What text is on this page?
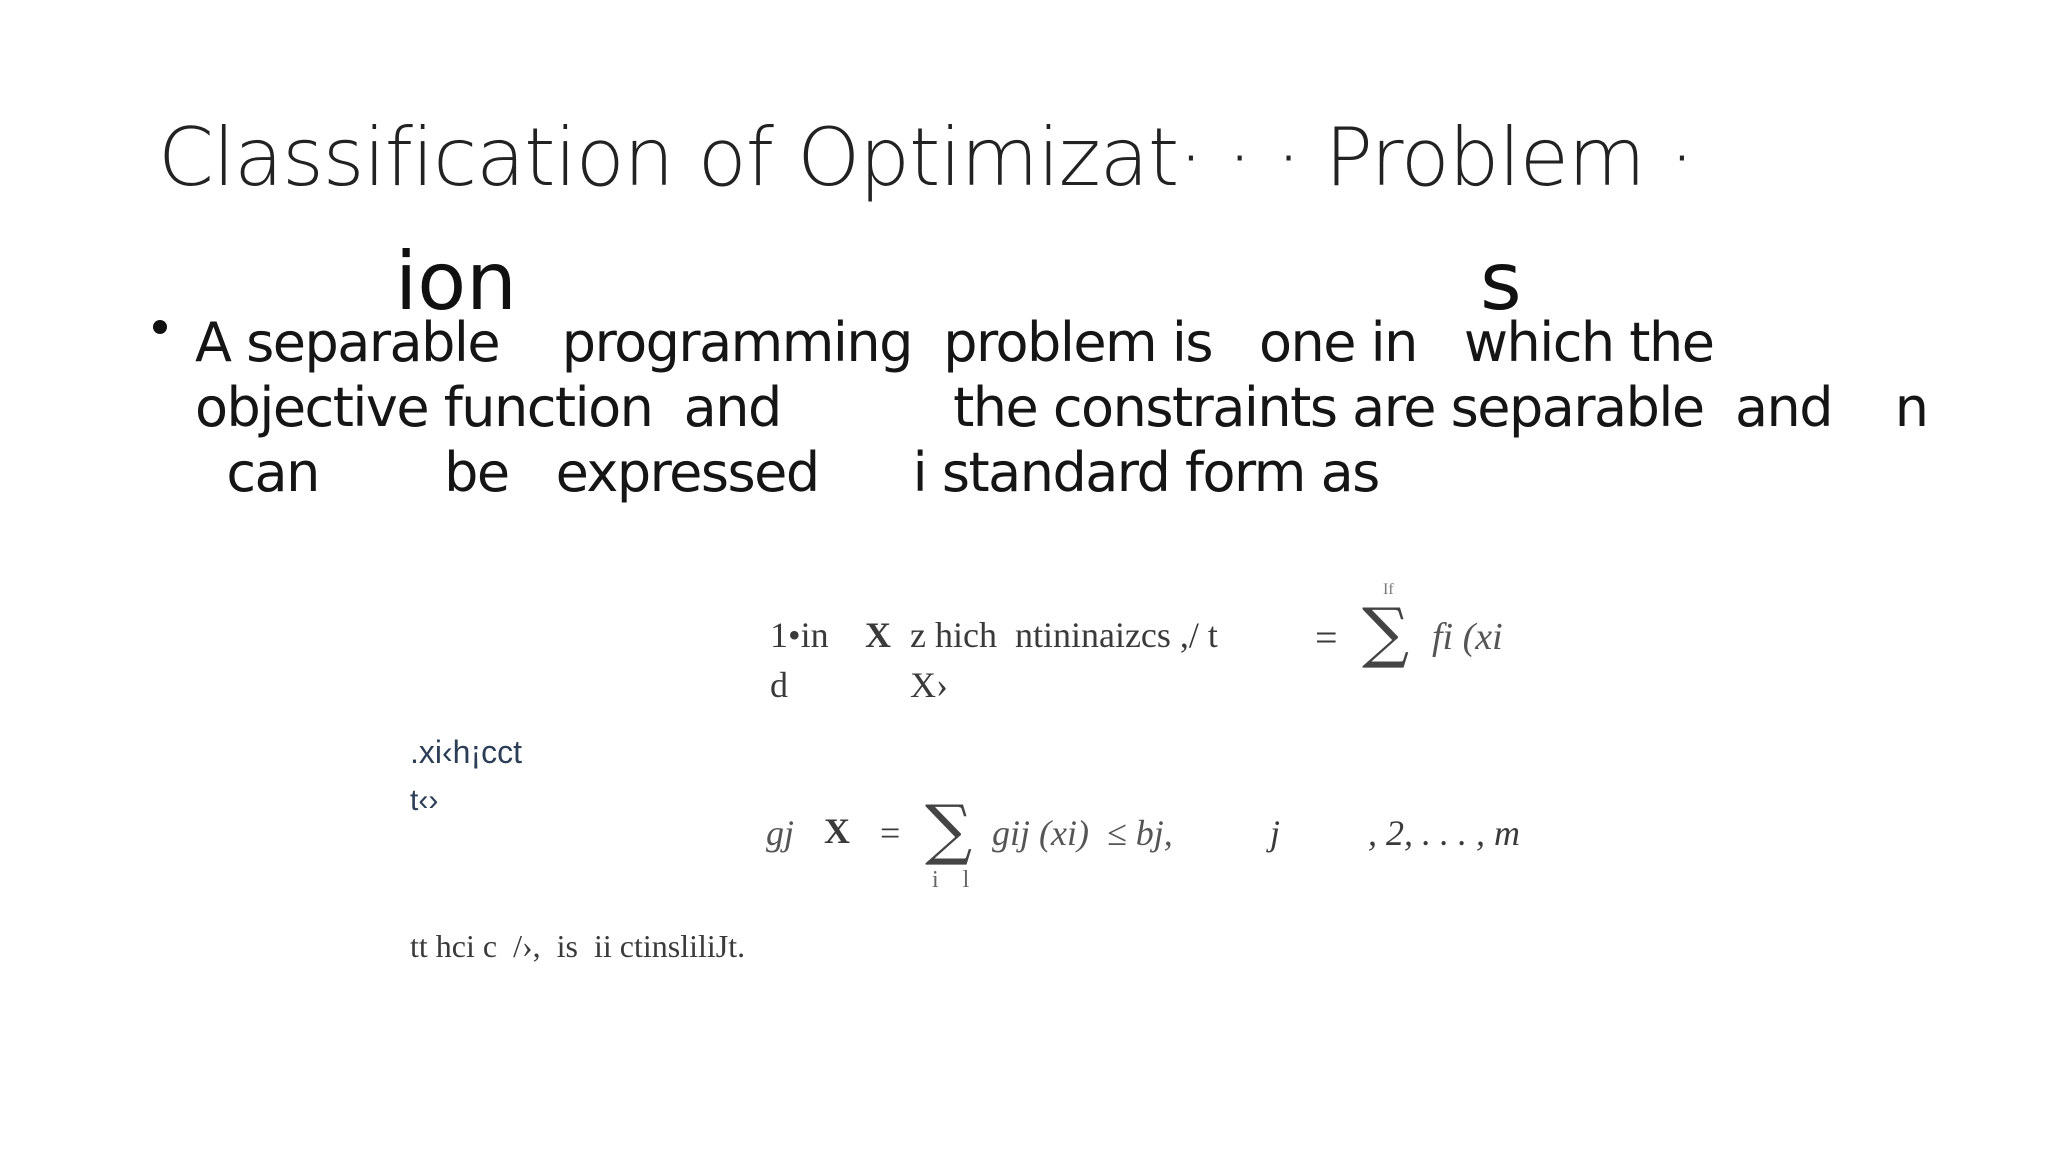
Classification of Optimizat· · · Problem ·
ion	s
A separable    programming  problem is   one in   which the
objective function  and           the constraints are separable  and    n
can        be   expressed      i standard form as
1•in X z hich  ntininaizcs ,/ t
d	X›
=
If
∑ fi (xi
.xi‹h¡cct
t‹›
gj X = ∑ gij (xi)  ≤ bj,	j , 2, . . . , m
i    l
tt hci c  /›,  is  ii ctinsliliJt.
